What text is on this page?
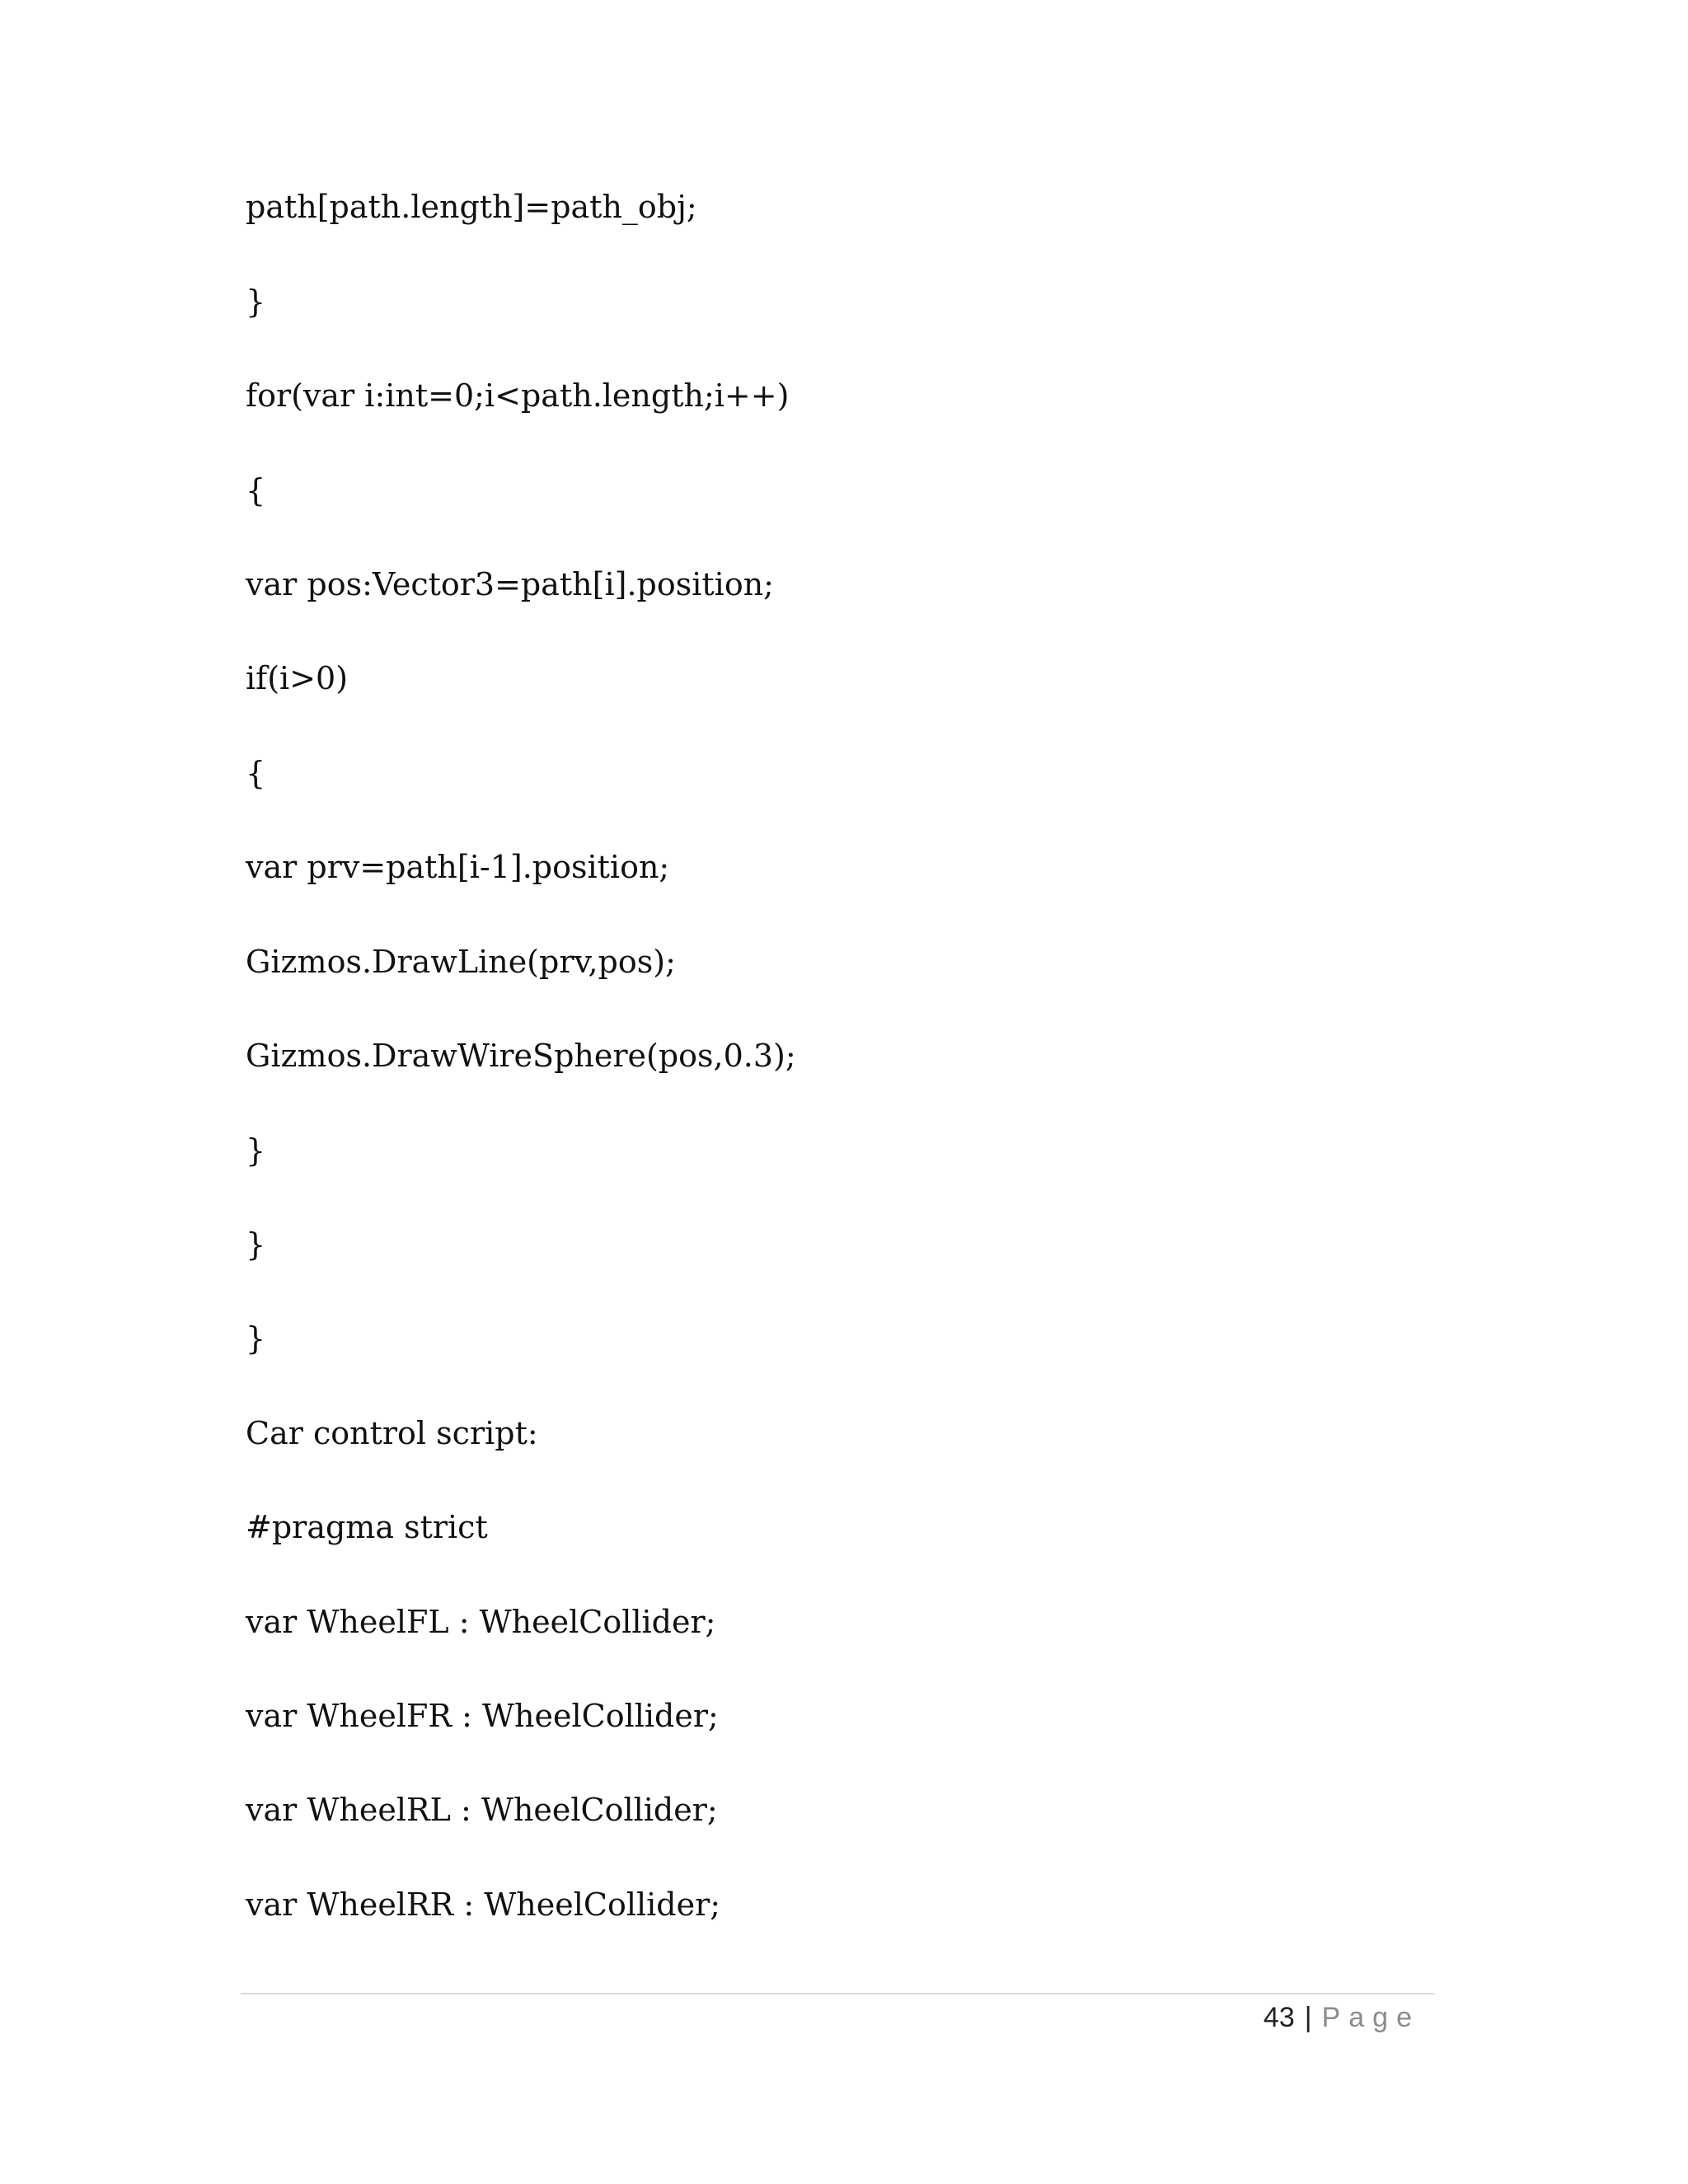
path[path.length]=path_obj;
}
for(var i:int=0;i<path.length;i++)
{
var pos:Vector3=path[i].position;
if(i>0)
{
var prv=path[i-1].position;
Gizmos.DrawLine(prv,pos);
Gizmos.DrawWireSphere(pos,0.3);
}
}
}
Car control script:
#pragma strict
var WheelFL : WheelCollider;
var WheelFR : WheelCollider;
var WheelRL : WheelCollider;
var WheelRR : WheelCollider;
43 | Page
